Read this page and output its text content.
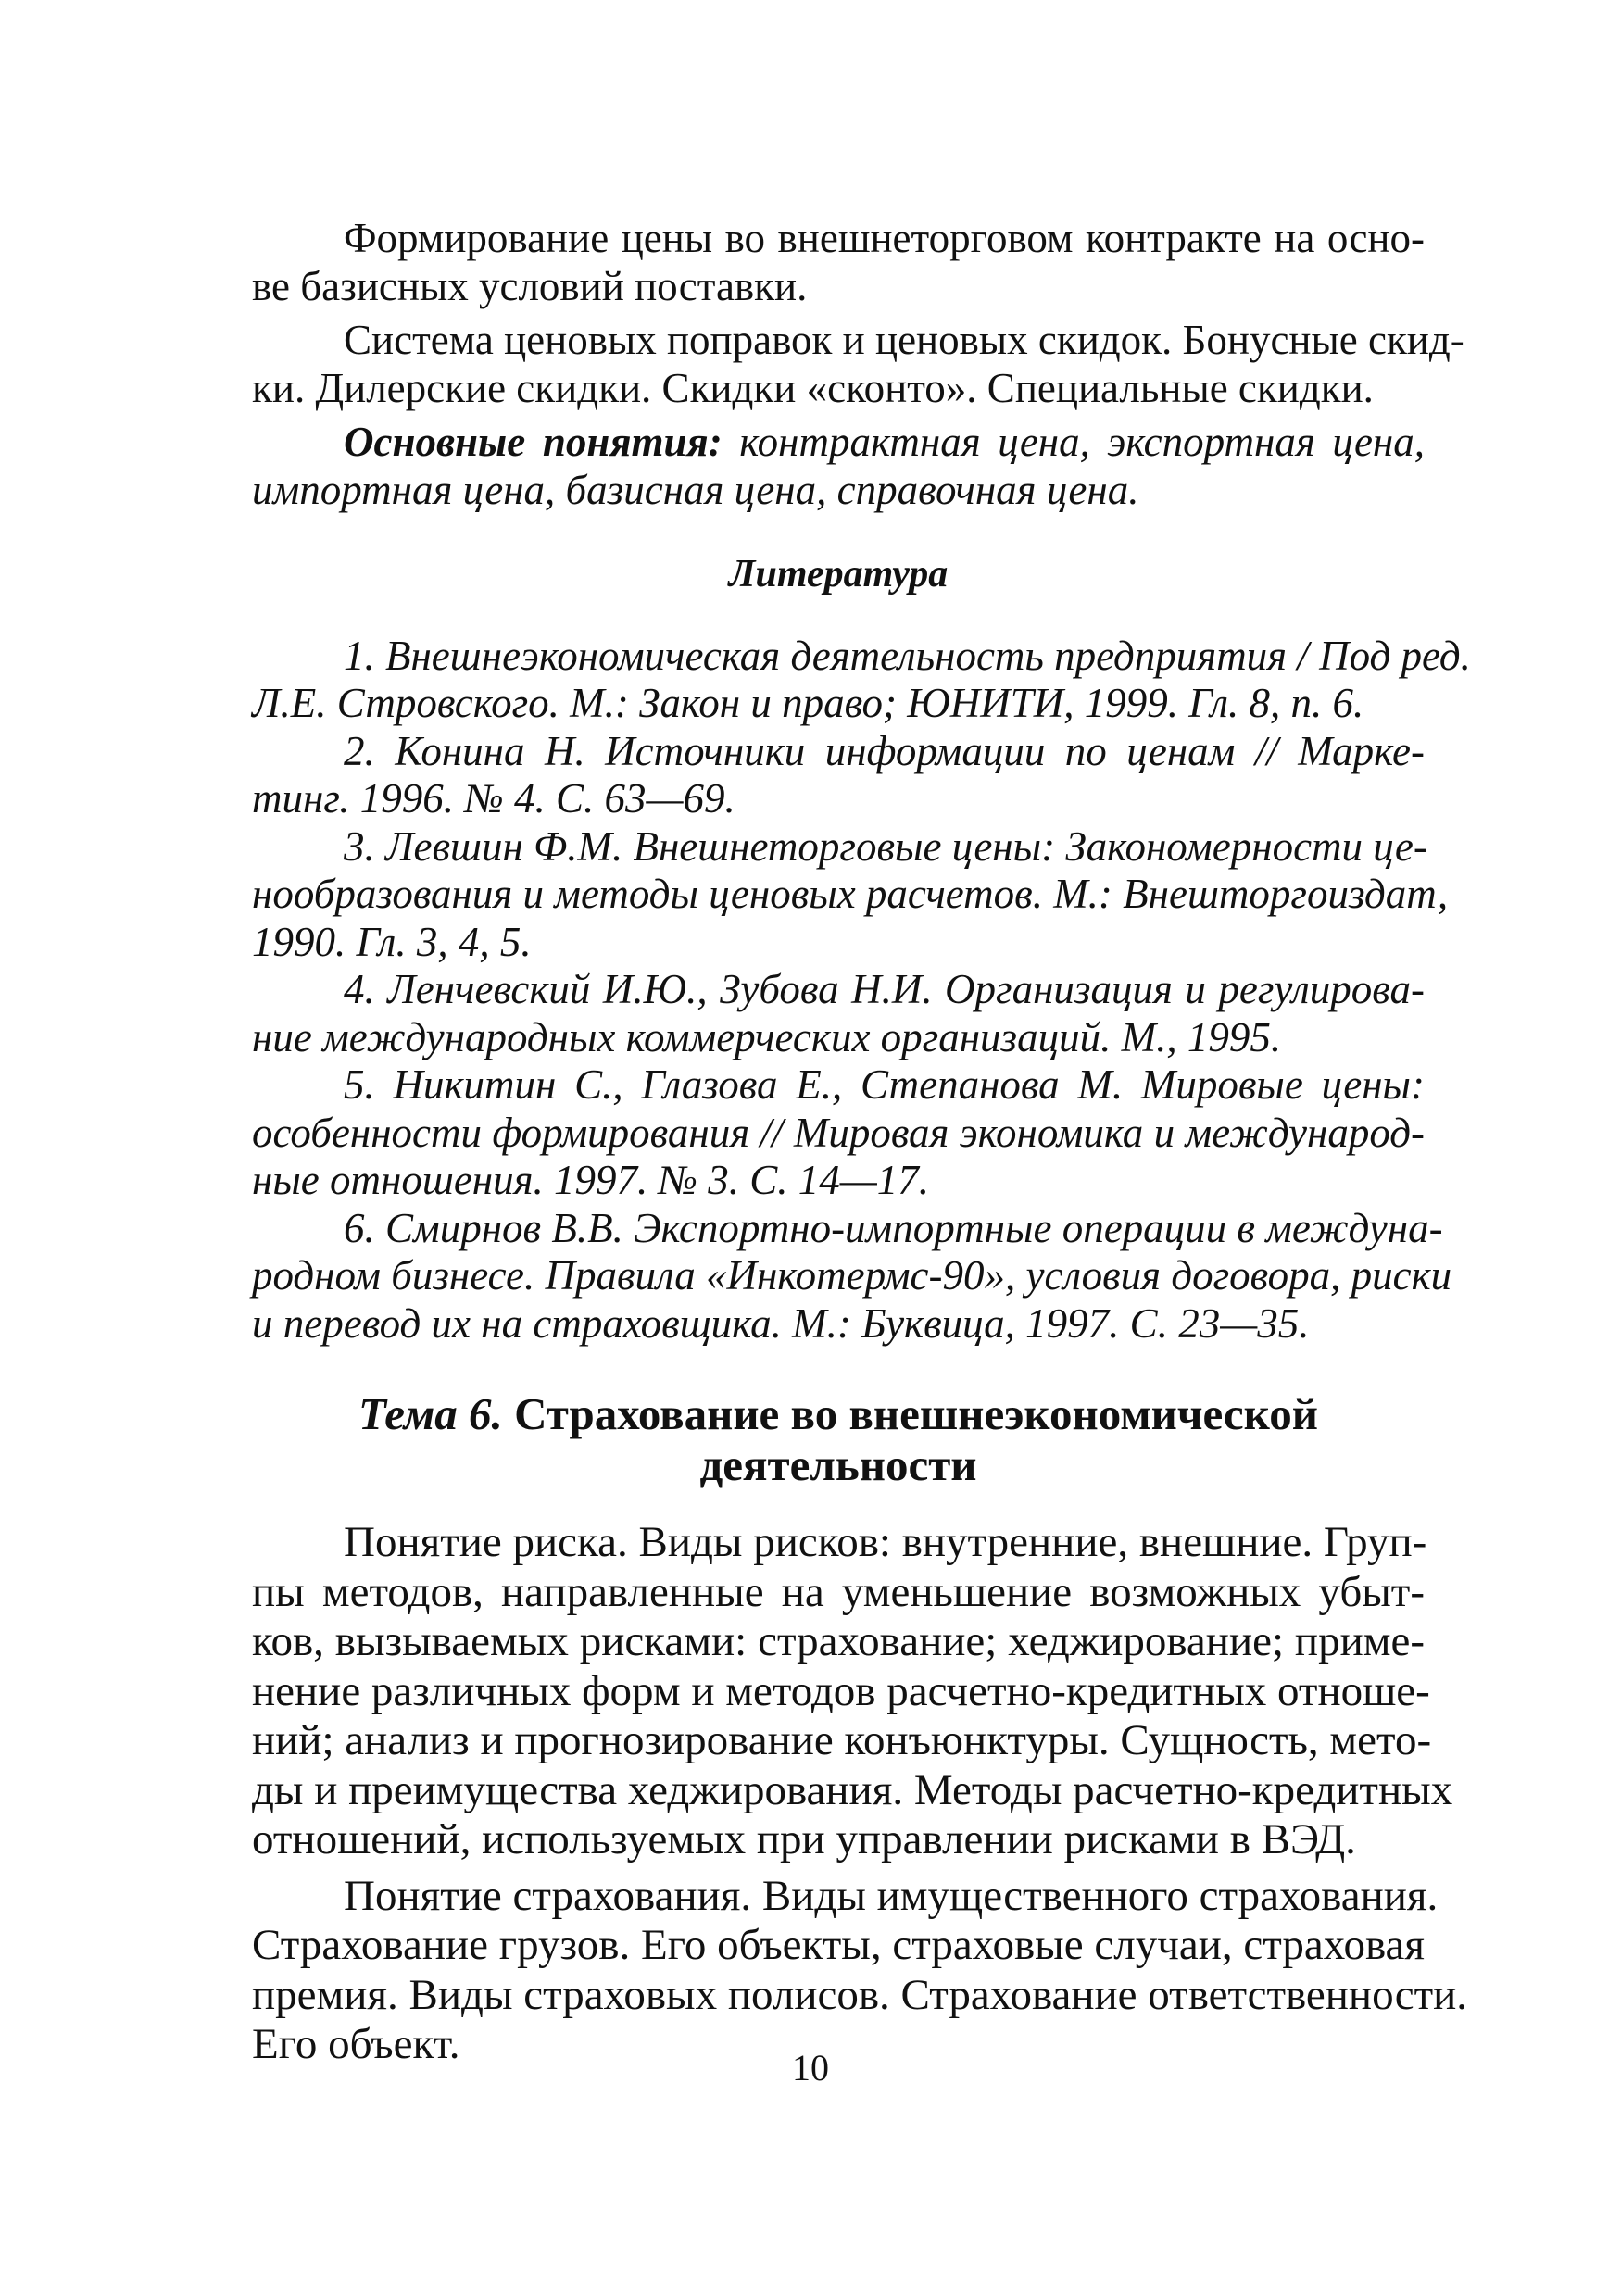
Формирование цены во внешнеторговом контракте на осно-
ве базисных условий поставки.
Система ценовых поправок и ценовых скидок. Бонусные скид-
ки. Дилерские скидки. Скидки «сконто». Специальные скидки.
Основные понятия: контрактная цена, экспортная цена,
импортная цена, базисная цена, справочная цена.
Литература
1. Внешнеэкономическая деятельность предприятия / Под ред.
Л.Е. Стровского. М.: Закон и право; ЮНИТИ, 1999. Гл. 8, п. 6.
2. Конина Н. Источники информации по ценам // Марке-
тинг. 1996. № 4. С. 63—69.
3. Левшин Ф.М. Внешнеторговые цены: Закономерности це-
нообразования и методы ценовых расчетов. М.: Внешторгоиздат,
1990. Гл. 3, 4, 5.
4. Ленчевский И.Ю., Зубова Н.И. Организация и регулирова-
ние международных коммерческих организаций. М., 1995.
5. Никитин С., Глазова Е., Степанова М. Мировые цены:
особенности формирования // Мировая экономика и международ-
ные отношения. 1997. № 3. С. 14—17.
6. Смирнов В.В. Экспортно-импортные операции в междуна-
родном бизнесе. Правила «Инкотермс-90», условия договора, риски
и перевод их на страховщика. М.: Буквица, 1997. С. 23—35.
Тема 6. Страхование во внешнеэкономической
деятельности
Понятие риска. Виды рисков: внутренние, внешние. Груп-
пы методов, направленные на уменьшение возможных убыт-
ков, вызываемых рисками: страхование; хеджирование; приме-
нение различных форм и методов расчетно-кредитных отноше-
ний; анализ и прогнозирование конъюнктуры. Сущность, мето-
ды и преимущества хеджирования. Методы расчетно-кредитных
отношений, используемых при управлении рисками в ВЭД.
Понятие страхования. Виды имущественного страхования.
Страхование грузов. Его объекты, страховые случаи, страховая
премия. Виды страховых полисов. Страхование ответственности.
Его объект.	10
